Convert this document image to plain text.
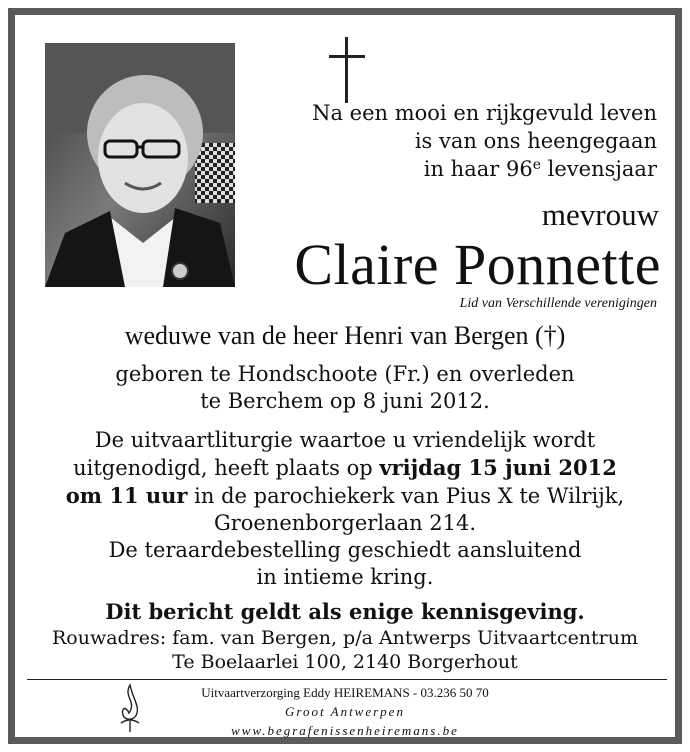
Na een mooi en rijkgevuld leven
is van ons heengegaan
in haar 96e levensjaar
mevrouw
Claire Ponnette
Lid van Verschillende verenigingen
weduwe van de heer Henri van Bergen (†)
geboren te Hondschoote (Fr.) en overleden
te Berchem op 8 juni 2012.
De uitvaartliturgie waartoe u vriendelijk wordt
uitgenodigd, heeft plaats op vrijdag 15 juni 2012
om 11 uur in de parochiekerk van Pius X te Wilrijk,
Groenenborgerlaan 214.
De teraardebestelling geschiedt aansluitend
in intieme kring.
Dit bericht geldt als enige kennisgeving.
Rouwadres: fam. van Bergen, p/a Antwerps Uitvaartcentrum
Te Boelaarlei 100, 2140 Borgerhout
Uitvaartverzorging Eddy HEIREMANS - 03.236 50 70
Groot Antwerpen
www.begrafenissenheiremans.be
